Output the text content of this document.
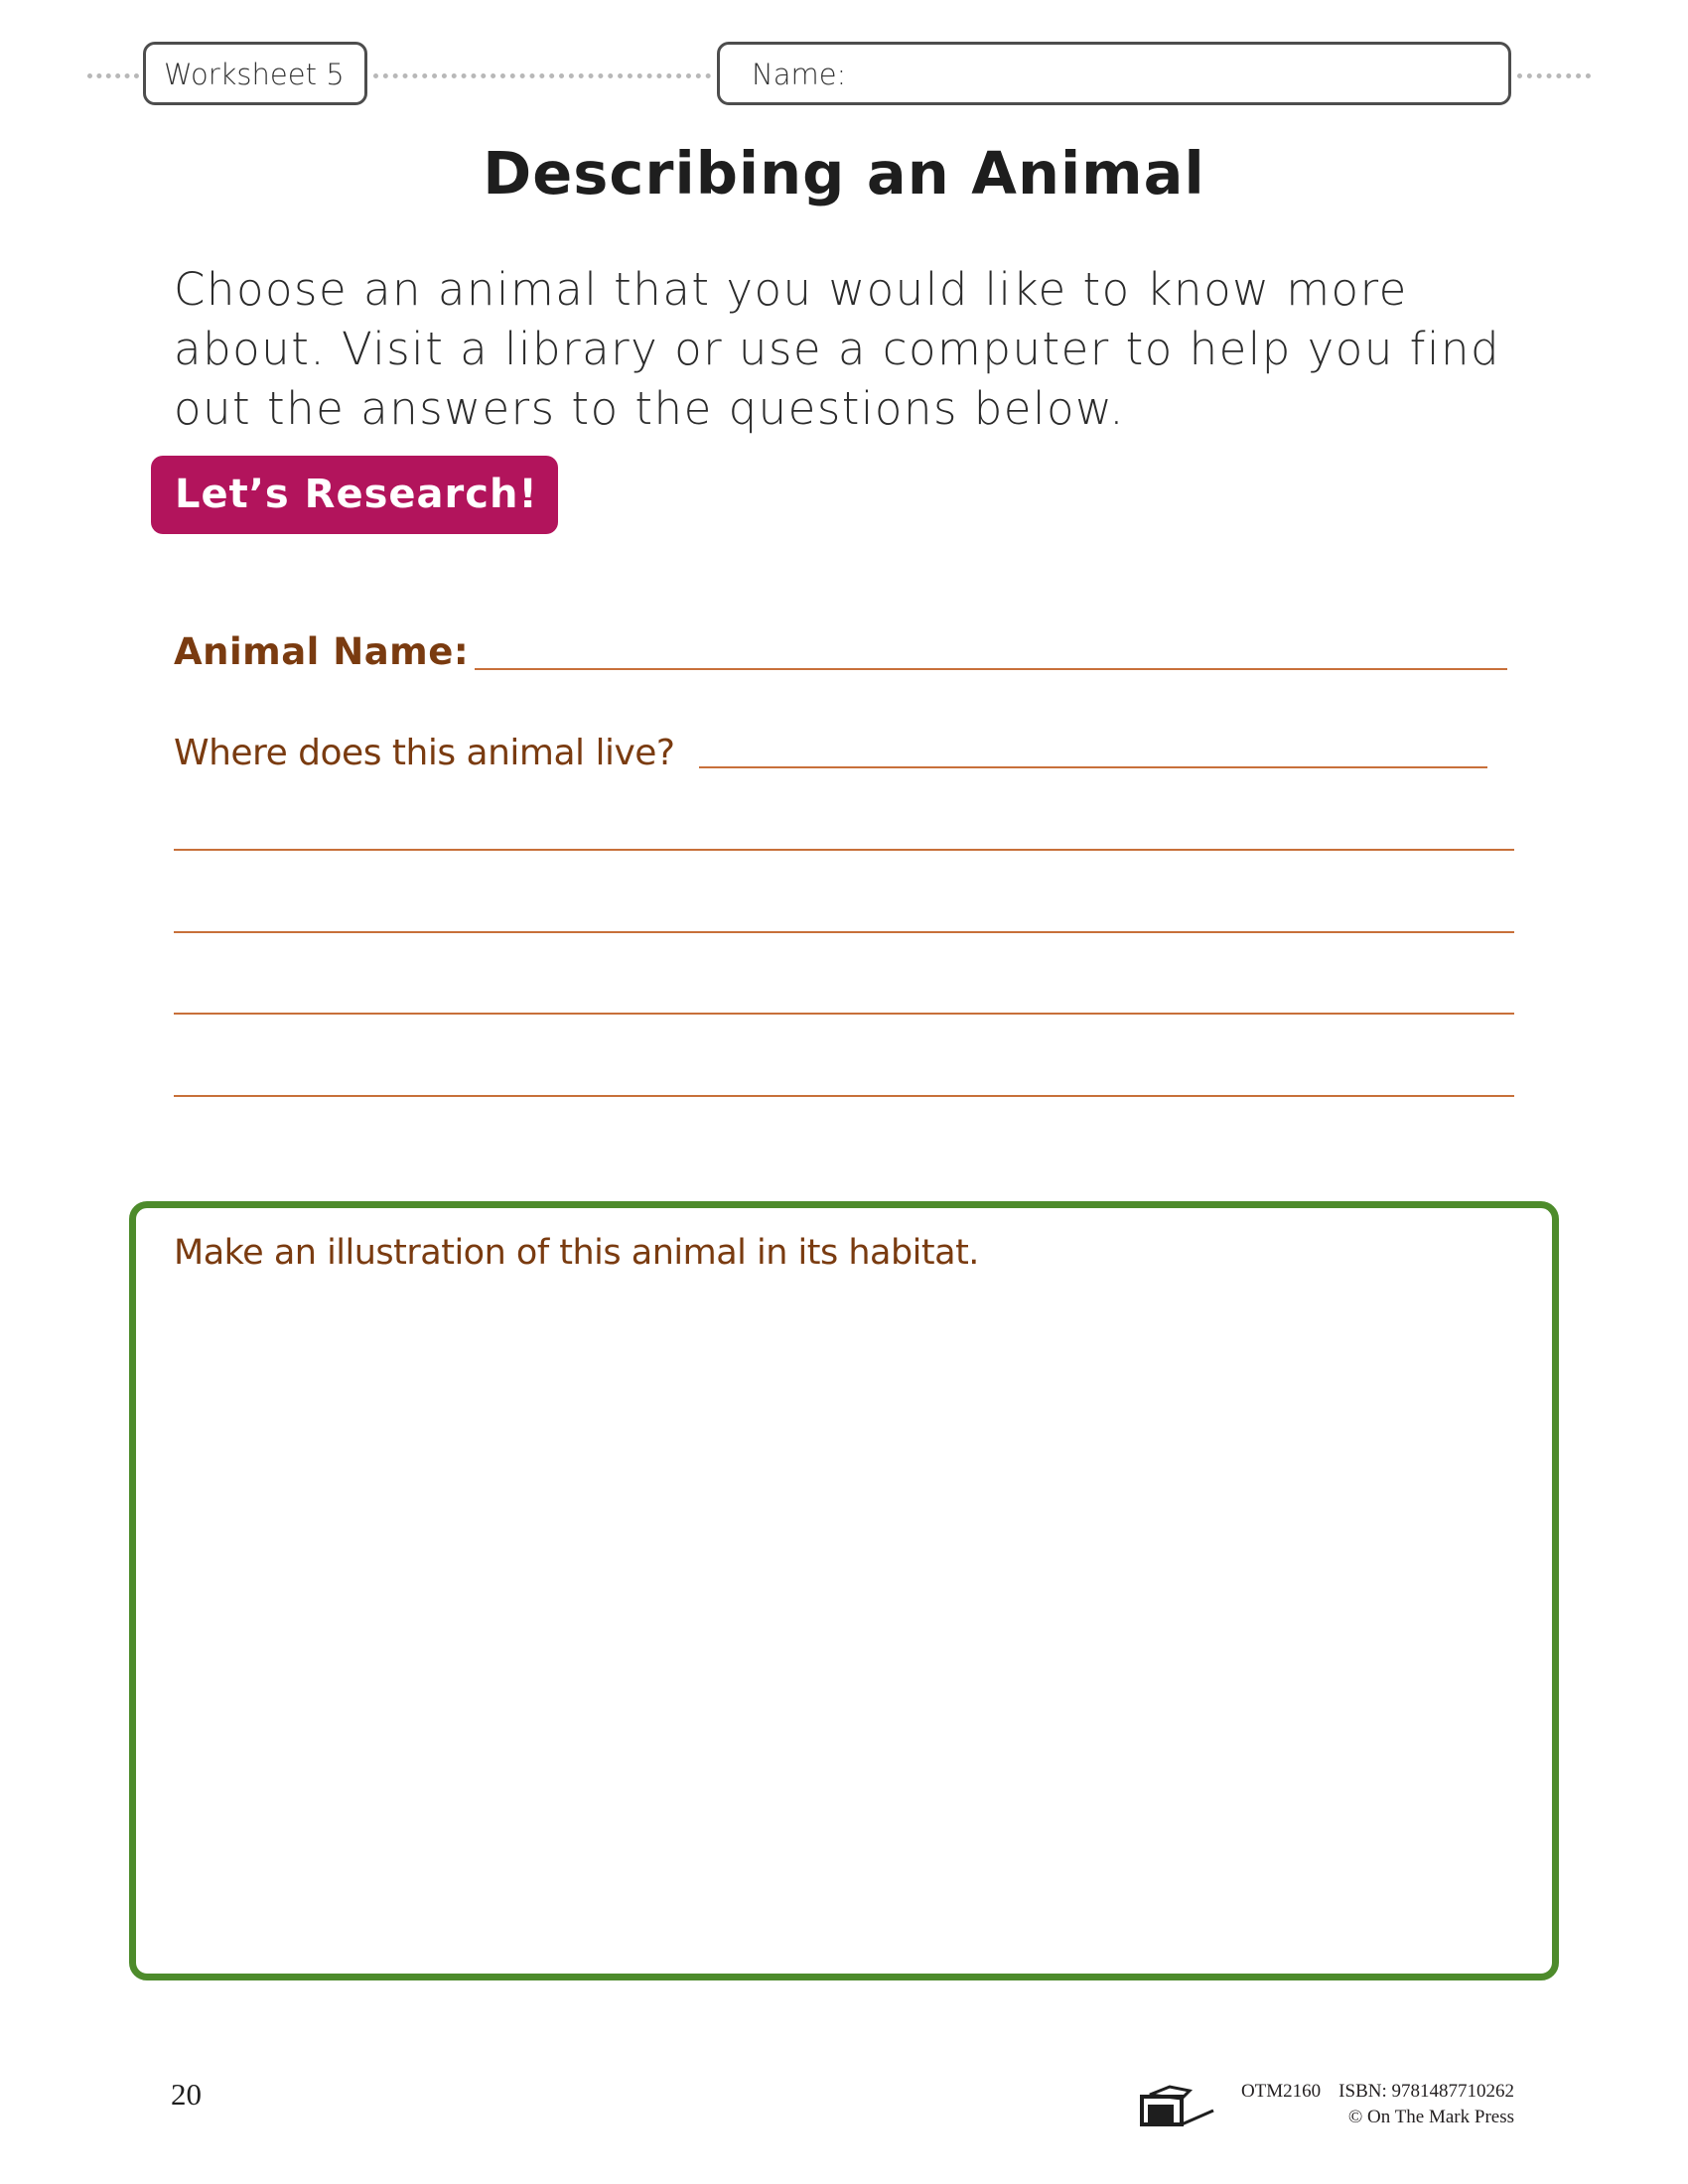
Worksheet 5	Name:
Describing an Animal

Choose an animal that you would like to know more about. Visit a library or use a computer to help you find out the answers to the questions below.

Let’s Research!
Animal Name:
Where does this animal live?
Make an illustration of this animal in its habitat.
20	OTM2160 ISBN: 9781487710262
© On The Mark Press
